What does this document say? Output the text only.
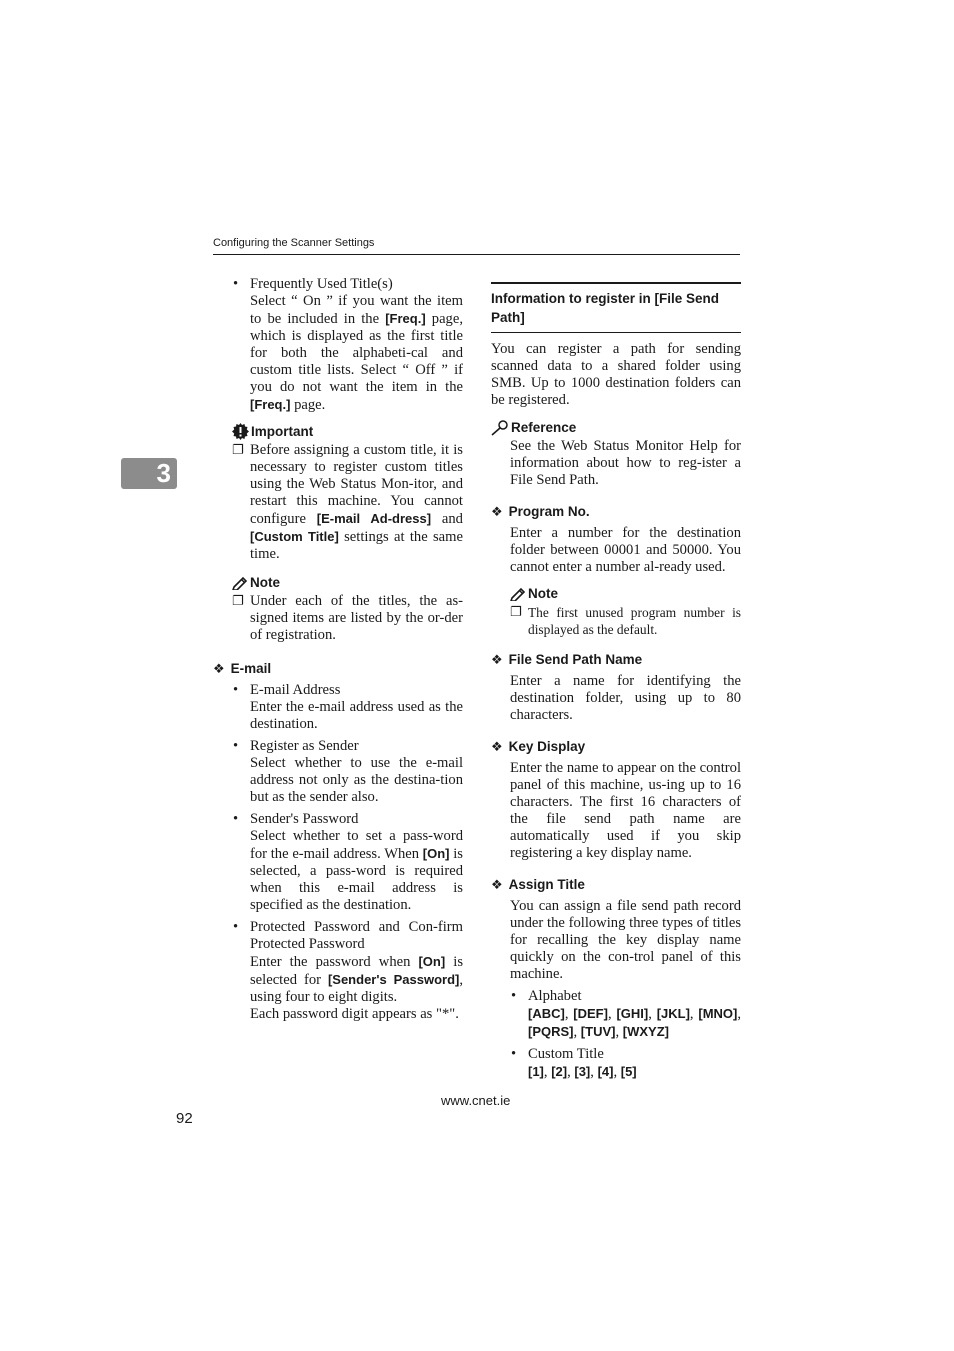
Configuring the Scanner Settings
3
• Frequently Used Title(s)
Select “ On ” if you want the item to be included in the [Freq.] page, which is displayed as the first title for both the alphabeti-cal and custom title lists. Select “ Off ” if you do not want the item in the [Freq.] page.
Important
❐ Before assigning a custom title, it is necessary to register custom titles using the Web Status Mon-itor, and restart this machine. You cannot configure [E-mail Ad-dress] and [Custom Title] settings at the same time.
Note
❐ Under each of the titles, the as-signed items are listed by the or-der of registration.
❖ E-mail
• E-mail Address
Enter the e-mail address used as the destination.
• Register as Sender
Select whether to use the e-mail address not only as the destina-tion but as the sender also.
• Sender's Password
Select whether to set a pass-word for the e-mail address. When [On] is selected, a pass-word is required when this e-mail address is specified as the destination.
• Protected Password and Con-firm Protected Password
Enter the password when [On] is selected for [Sender's Password], using four to eight digits.
Each password digit appears as "*".
Information to register in [File Send Path]
You can register a path for sending scanned data to a shared folder using SMB. Up to 1000 destination folders can be registered.
Reference
See the Web Status Monitor Help for information about how to reg-ister a File Send Path.
❖ Program No.
Enter a number for the destination folder between 00001 and 50000. You cannot enter a number al-ready used.
Note
❐ The first unused program number is displayed as the default.
❖ File Send Path Name
Enter a name for identifying the destination folder, using up to 80 characters.
❖ Key Display
Enter the name to appear on the control panel of this machine, us-ing up to 16 characters. The first 16 characters of the file send path name are automatically used if you skip registering a key display name.
❖ Assign Title
You can assign a file send path record under the following three types of titles for recalling the key display name quickly on the con-trol panel of this machine.
• Alphabet
[ABC], [DEF], [GHI], [JKL], [MNO], [PQRS], [TUV], [WXYZ]
• Custom Title
[1], [2], [3], [4], [5]
www.cnet.ie
92
